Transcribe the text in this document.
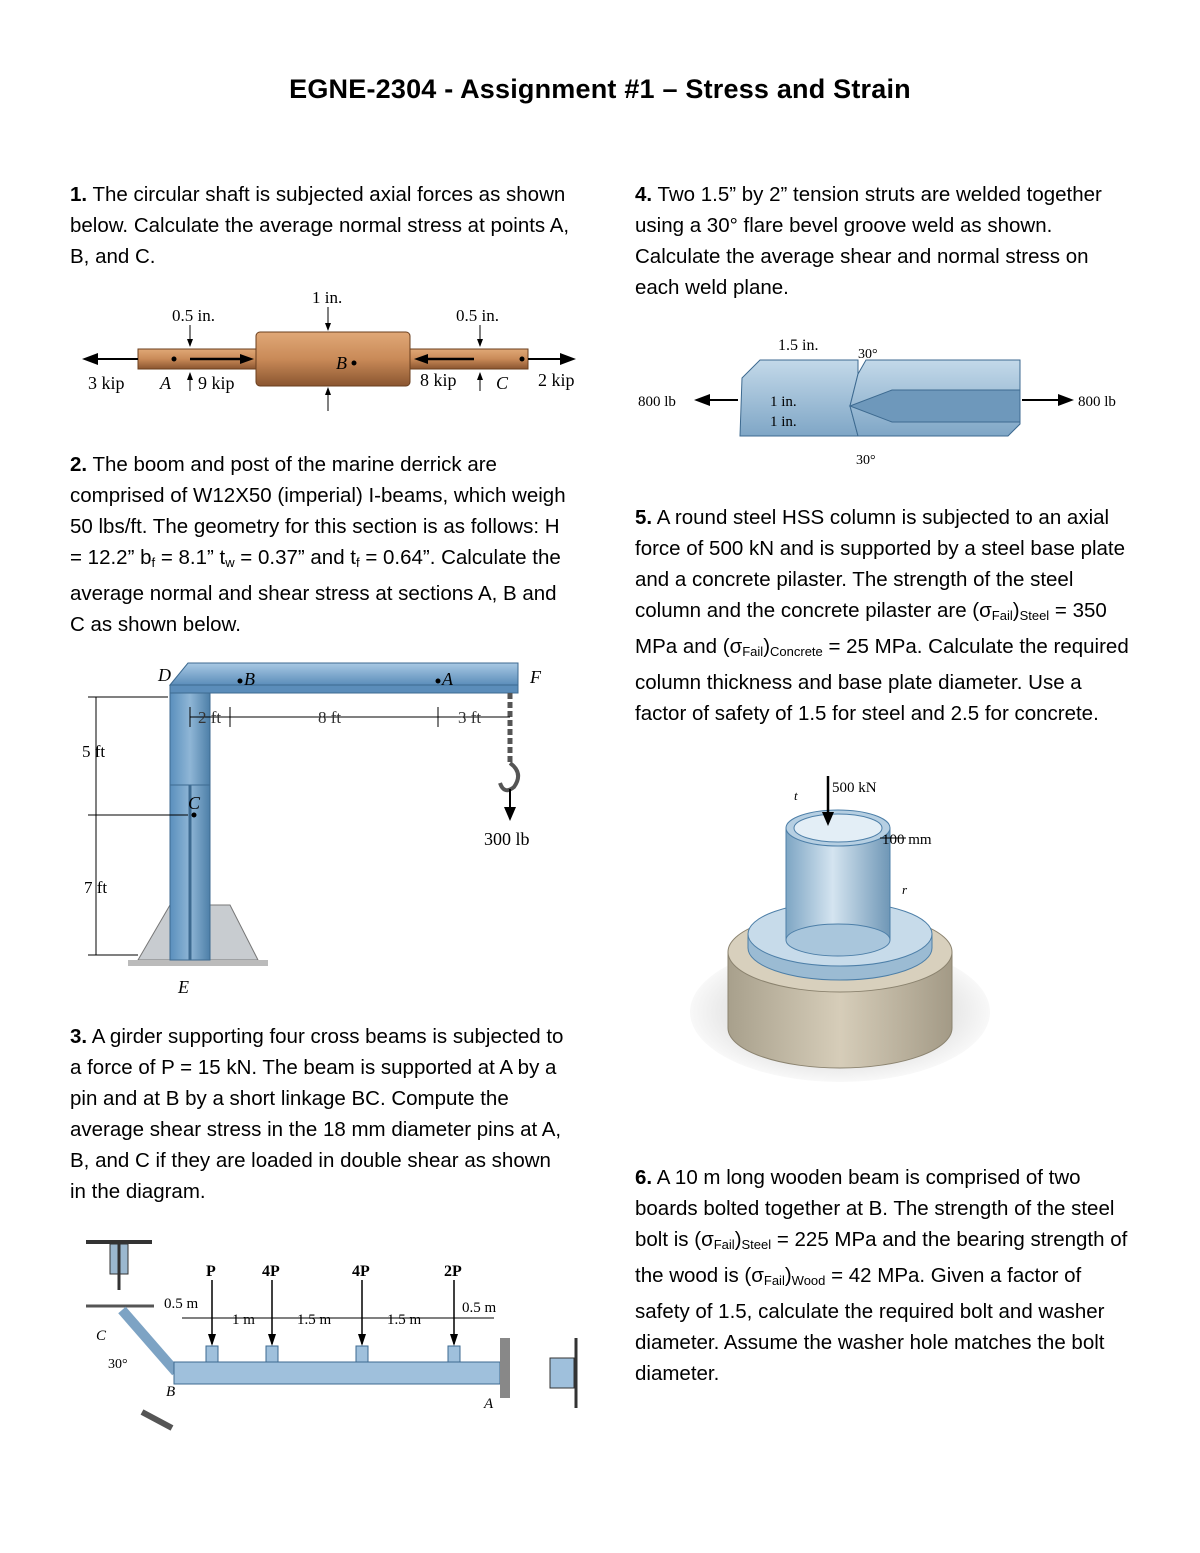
EGNE-2304 - Assignment #1 – Stress and Strain
1. The circular shaft is subjected axial forces as shown below. Calculate the average normal stress at points A, B, and C.
1 in.
0.5 in.	0.5 in.
3 kip A 9 kip
B
8 kip C 2 kip
2. The boom and post of the marine derrick are comprised of W12X50 (imperial) I-beams, which weigh 50 lbs/ft. The geometry for this section is as follows: H = 12.2” $b_f = 8.1$” $t_w = 0.37$” and $t_f = 0.64$”. Calculate the average normal and shear stress at sections A, B and C as shown below.
D	B	A	F
C
E
2 ft	8 ft	3 ft
5 ft
7 ft
300 lb
3. A girder supporting four cross beams is subjected to a force of P = 15 kN. The beam is supported at A by a pin and at B by a short linkage BC. Compute the average shear stress in the 18 mm diameter pins at A, B, and C if they are loaded in double shear as shown in the diagram.
P	4P	4P	2P
0.5 m
1 m	1.5 m	1.5 m
0.5 m
C
30°
B
A
4. Two 1.5” by 2” tension struts are welded together using a 30° flare bevel groove weld as shown. Calculate the average shear and normal stress on each weld plane.
1.5 in.
30°
30°
1 in.
1 in.
800 lb	800 lb
5. A round steel HSS column is subjected to an axial force of 500 kN and is supported by a steel base plate and a concrete pilaster. The strength of the steel column and the concrete pilaster are $(\sigma_{Fail})_{Steel} = 350$ MPa and $(\sigma_{Fail})_{Concrete} = 25$ MPa. Calculate the required column thickness and base plate diameter. Use a factor of safety of 1.5 for steel and 2.5 for concrete.
500 kN
100 mm
t
r
6. A 10 m long wooden beam is comprised of two boards bolted together at B. The strength of the steel bolt is $(\sigma_{Fail})_{Steel} = 225$ MPa and the bearing strength of the wood is $(\sigma_{Fail})_{Wood} = 42$ MPa. Given a factor of safety of 1.5, calculate the required bolt and washer diameter. Assume the washer hole matches the bolt diameter.
